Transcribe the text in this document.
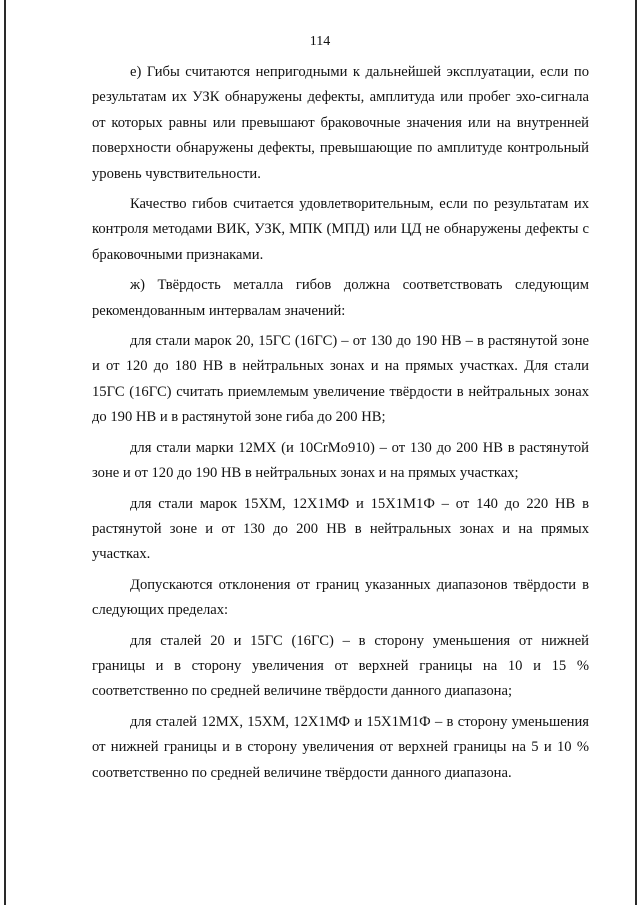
114

е) Гибы считаются непригодными к дальнейшей эксплуатации, если по результатам их УЗК обнаружены дефекты, амплитуда или пробег эхо-сигнала от которых равны или превышают браковочные значения или на внутренней поверхности обнаружены дефекты, превышающие по амплитуде контрольный уровень чувствительности.

Качество гибов считается удовлетворительным, если по результатам их контроля методами ВИК, УЗК, МПК (МПД) или ЦД не обнаружены дефекты с браковочными признаками.

ж) Твёрдость металла гибов должна соответствовать следующим рекомендованным интервалам значений:

для стали марок 20, 15ГС (16ГС) – от 130 до 190 НВ – в растянутой зоне и от 120 до 180 НВ в нейтральных зонах и на прямых участках. Для стали 15ГС (16ГС) считать приемлемым увеличение твёрдости в нейтральных зонах до 190 НВ и в растянутой зоне гиба до 200 НВ;

для стали марки 12МХ (и 10CrMo910) – от 130 до 200 НВ в растянутой зоне и от 120 до 190 НВ в нейтральных зонах и на прямых участках;

для стали марок 15ХМ, 12Х1МФ и 15Х1М1Ф – от 140 до 220 НВ в растянутой зоне и от 130 до 200 НВ в нейтральных зонах и на прямых участках.

Допускаются отклонения от границ указанных диапазонов твёрдости в следующих пределах:

для сталей 20 и 15ГС (16ГС) – в сторону уменьшения от нижней границы и в сторону увеличения от верхней границы на 10 и 15 % соответственно по средней величине твёрдости данного диапазона;

для сталей 12МХ, 15ХМ, 12Х1МФ и 15Х1М1Ф – в сторону уменьшения от нижней границы и в сторону увеличения от верхней границы на 5 и 10 % соответственно по средней величине твёрдости данного диапазона.
